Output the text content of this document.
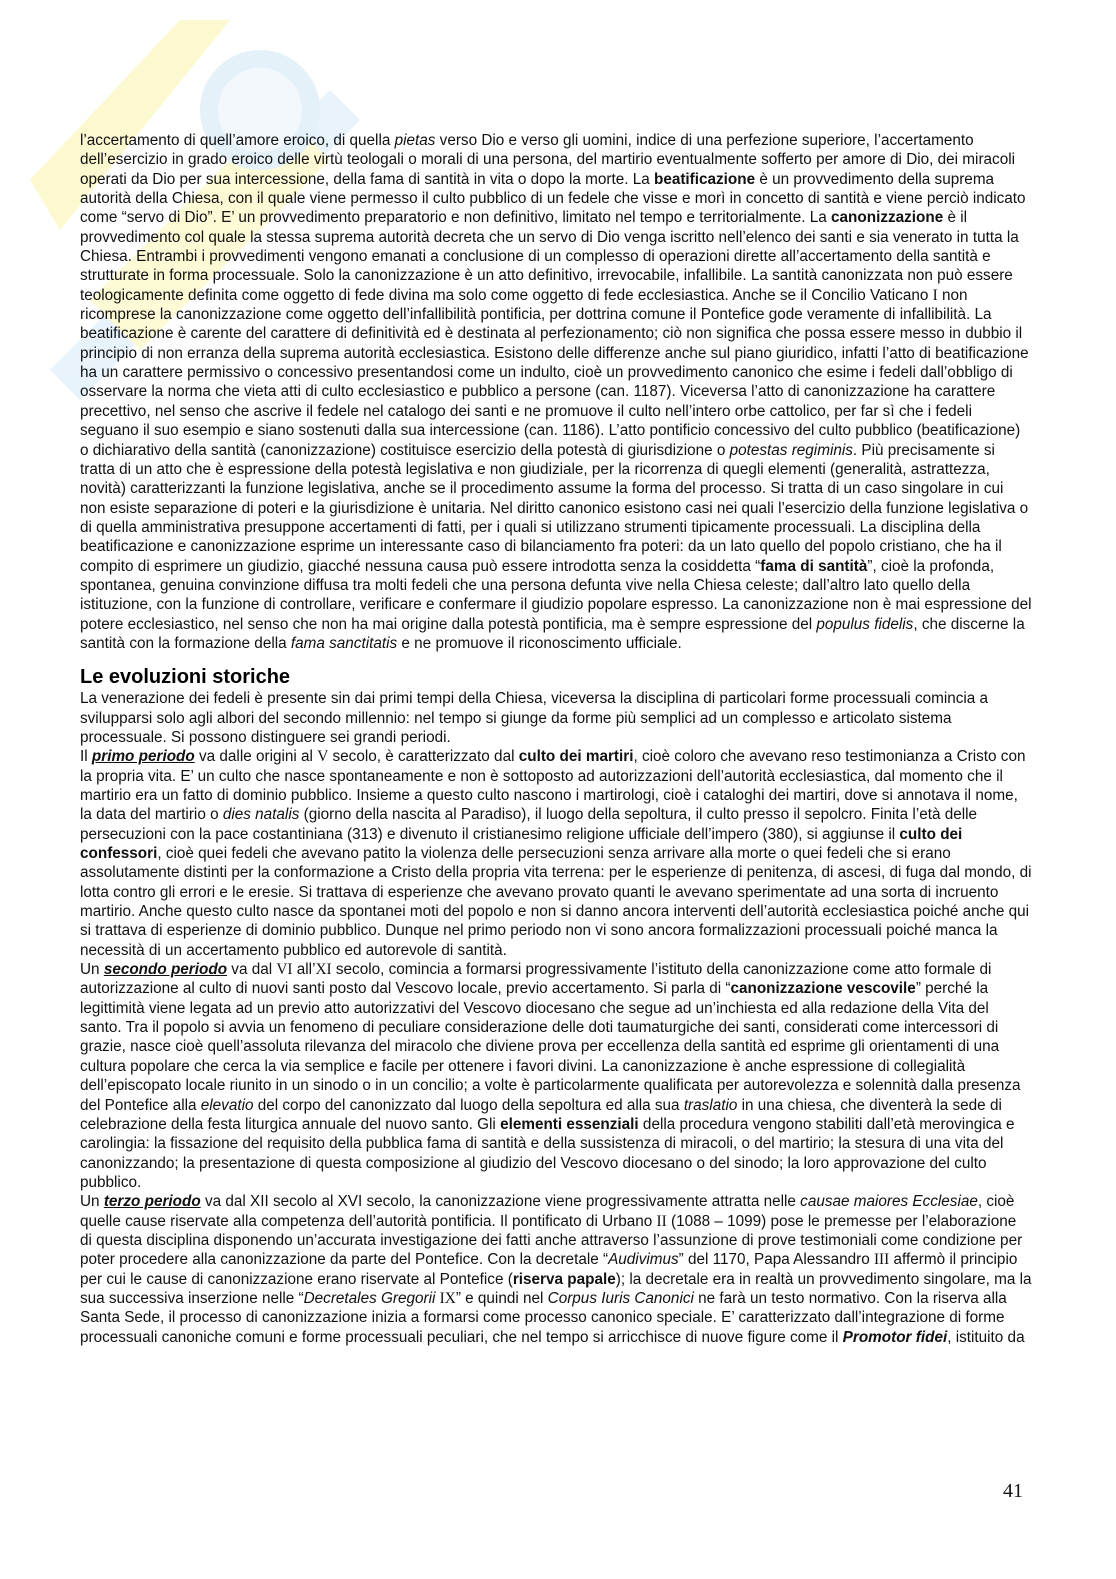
l’accertamento di quell’amore eroico, di quella pietas verso Dio e verso gli uomini, indice di una perfezione superiore, l’accertamento dell’esercizio in grado eroico delle virtù teologali o morali di una persona, del martirio eventualmente sofferto per amore di Dio, dei miracoli operati da Dio per sua intercessione, della fama di santità in vita o dopo la morte. La beatificazione è un provvedimento della suprema autorità della Chiesa, con il quale viene permesso il culto pubblico di un fedele che visse e morì in concetto di santità e viene perciò indicato come “servo di Dio”. E’ un provvedimento preparatorio e non definitivo, limitato nel tempo e territorialmente. La canonizzazione è il provvedimento col quale la stessa suprema autorità decreta che un servo di Dio venga iscritto nell’elenco dei santi e sia venerato in tutta la Chiesa. Entrambi i provvedimenti vengono emanati a conclusione di un complesso di operazioni dirette all’accertamento della santità e strutturate in forma processuale. Solo la canonizzazione è un atto definitivo, irrevocabile, infallibile. La santità canonizzata non può essere teologicamente definita come oggetto di fede divina ma solo come oggetto di fede ecclesiastica. Anche se il Concilio Vaticano I non ricomprese la canonizzazione come oggetto dell’infallibilità pontificia, per dottrina comune il Pontefice gode veramente di infallibilità. La beatificazione è carente del carattere di definitività ed è destinata al perfezionamento; ciò non significa che possa essere messo in dubbio il principio di non erranza della suprema autorità ecclesiastica. Esistono delle differenze anche sul piano giuridico, infatti l’atto di beatificazione ha un carattere permissivo o concessivo presentandosi come un indulto, cioè un provvedimento canonico che esime i fedeli dall’obbligo di osservare la norma che vieta atti di culto ecclesiastico e pubblico a persone (can. 1187). Viceversa l’atto di canonizzazione ha carattere precettivo, nel senso che ascrive il fedele nel catalogo dei santi e ne promuove il culto nell’intero orbe cattolico, per far sì che i fedeli seguano il suo esempio e siano sostenuti dalla sua intercessione (can. 1186). L’atto pontificio concessivo del culto pubblico (beatificazione) o dichiarativo della santità (canonizzazione) costituisce esercizio della potestà di giurisdizione o potestas regiminis. Più precisamente si tratta di un atto che è espressione della potestà legislativa e non giudiziale, per la ricorrenza di quegli elementi (generalità, astrattezza, novità) caratterizzanti la funzione legislativa, anche se il procedimento assume la forma del processo. Si tratta di un caso singolare in cui non esiste separazione di poteri e la giurisdizione è unitaria. Nel diritto canonico esistono casi nei quali l’esercizio della funzione legislativa o di quella amministrativa presuppone accertamenti di fatti, per i quali si utilizzano strumenti tipicamente processuali. La disciplina della beatificazione e canonizzazione esprime un interessante caso di bilanciamento fra poteri: da un lato quello del popolo cristiano, che ha il compito di esprimere un giudizio, giacché nessuna causa può essere introdotta senza la cosiddetta “fama di santità”, cioè la profonda, spontanea, genuina convinzione diffusa tra molti fedeli che una persona defunta vive nella Chiesa celeste; dall’altro lato quello della istituzione, con la funzione di controllare, verificare e confermare il giudizio popolare espresso. La canonizzazione non è mai espressione del potere ecclesiastico, nel senso che non ha mai origine dalla potestà pontificia, ma è sempre espressione del populus fidelis, che discerne la santità con la formazione della fama sanctitatis e ne promuove il riconoscimento ufficiale.

Le evoluzioni storiche

La venerazione dei fedeli è presente sin dai primi tempi della Chiesa, viceversa la disciplina di particolari forme processuali comincia a svilupparsi solo agli albori del secondo millennio: nel tempo si giunge da forme più semplici ad un complesso e articolato sistema processuale. Si possono distinguere sei grandi periodi.

Il primo periodo va dalle origini al V secolo, è caratterizzato dal culto dei martiri, cioè coloro che avevano reso testimonianza a Cristo con la propria vita. E’ un culto che nasce spontaneamente e non è sottoposto ad autorizzazioni dell’autorità ecclesiastica, dal momento che il martirio era un fatto di dominio pubblico. Insieme a questo culto nascono i martirologi, cioè i cataloghi dei martiri, dove si annotava il nome, la data del martirio o dies natalis (giorno della nascita al Paradiso), il luogo della sepoltura, il culto presso il sepolcro. Finita l’età delle persecuzioni con la pace costantiniana (313) e divenuto il cristianesimo religione ufficiale dell’impero (380), si aggiunse il culto dei confessori, cioè quei fedeli che avevano patito la violenza delle persecuzioni senza arrivare alla morte o quei fedeli che si erano assolutamente distinti per la conformazione a Cristo della propria vita terrena: per le esperienze di penitenza, di ascesi, di fuga dal mondo, di lotta contro gli errori e le eresie. Si trattava di esperienze che avevano provato quanti le avevano sperimentate ad una sorta di incruento martirio. Anche questo culto nasce da spontanei moti del popolo e non si danno ancora interventi dell’autorità ecclesiastica poiché anche qui si trattava di esperienze di dominio pubblico. Dunque nel primo periodo non vi sono ancora formalizzazioni processuali poiché manca la necessità di un accertamento pubblico ed autorevole di santità.

Un secondo periodo va dal VI all’XI secolo, comincia a formarsi progressivamente l’istituto della canonizzazione come atto formale di autorizzazione al culto di nuovi santi posto dal Vescovo locale, previo accertamento. Si parla di “canonizzazione vescovile” perché la legittimità viene legata ad un previo atto autorizzativi del Vescovo diocesano che segue ad un’inchiesta ed alla redazione della Vita del santo. Tra il popolo si avvia un fenomeno di peculiare considerazione delle doti taumaturgiche dei santi, considerati come intercessori di grazie, nasce cioè quell’assoluta rilevanza del miracolo che diviene prova per eccellenza della santità ed esprime gli orientamenti di una cultura popolare che cerca la via semplice e facile per ottenere i favori divini. La canonizzazione è anche espressione di collegialità dell’episcopato locale riunito in un sinodo o in un concilio; a volte è particolarmente qualificata per autorevolezza e solennità dalla presenza del Pontefice alla elevatio del corpo del canonizzato dal luogo della sepoltura ed alla sua traslatio in una chiesa, che diventerà la sede di celebrazione della festa liturgica annuale del nuovo santo. Gli elementi essenziali della procedura vengono stabiliti dall’età merovingica e carolingia: la fissazione del requisito della pubblica fama di santità e della sussistenza di miracoli, o del martirio; la stesura di una vita del canonizzando; la presentazione di questa composizione al giudizio del Vescovo diocesano o del sinodo; la loro approvazione del culto pubblico.

Un terzo periodo va dal XII secolo al XVI secolo, la canonizzazione viene progressivamente attratta nelle causae maiores Ecclesiae, cioè quelle cause riservate alla competenza dell’autorità pontificia. Il pontificato di Urbano II (1088 – 1099) pose le premesse per l’elaborazione di questa disciplina disponendo un’accurata investigazione dei fatti anche attraverso l’assunzione di prove testimoniali come condizione per poter procedere alla canonizzazione da parte del Pontefice. Con la decretale “Audivimus” del 1170, Papa Alessandro III affermò il principio per cui le cause di canonizzazione erano riservate al Pontefice (riserva papale); la decretale era in realtà un provvedimento singolare, ma la sua successiva inserzione nelle “Decretales Gregorii IX” e quindi nel Corpus Iuris Canonici ne farà un testo normativo. Con la riserva alla Santa Sede, il processo di canonizzazione inizia a formarsi come processo canonico speciale. E’ caratterizzato dall’integrazione di forme processuali canoniche comuni e forme processuali peculiari, che nel tempo si arricchisce di nuove figure come il Promotor fidei, istituito da

41
